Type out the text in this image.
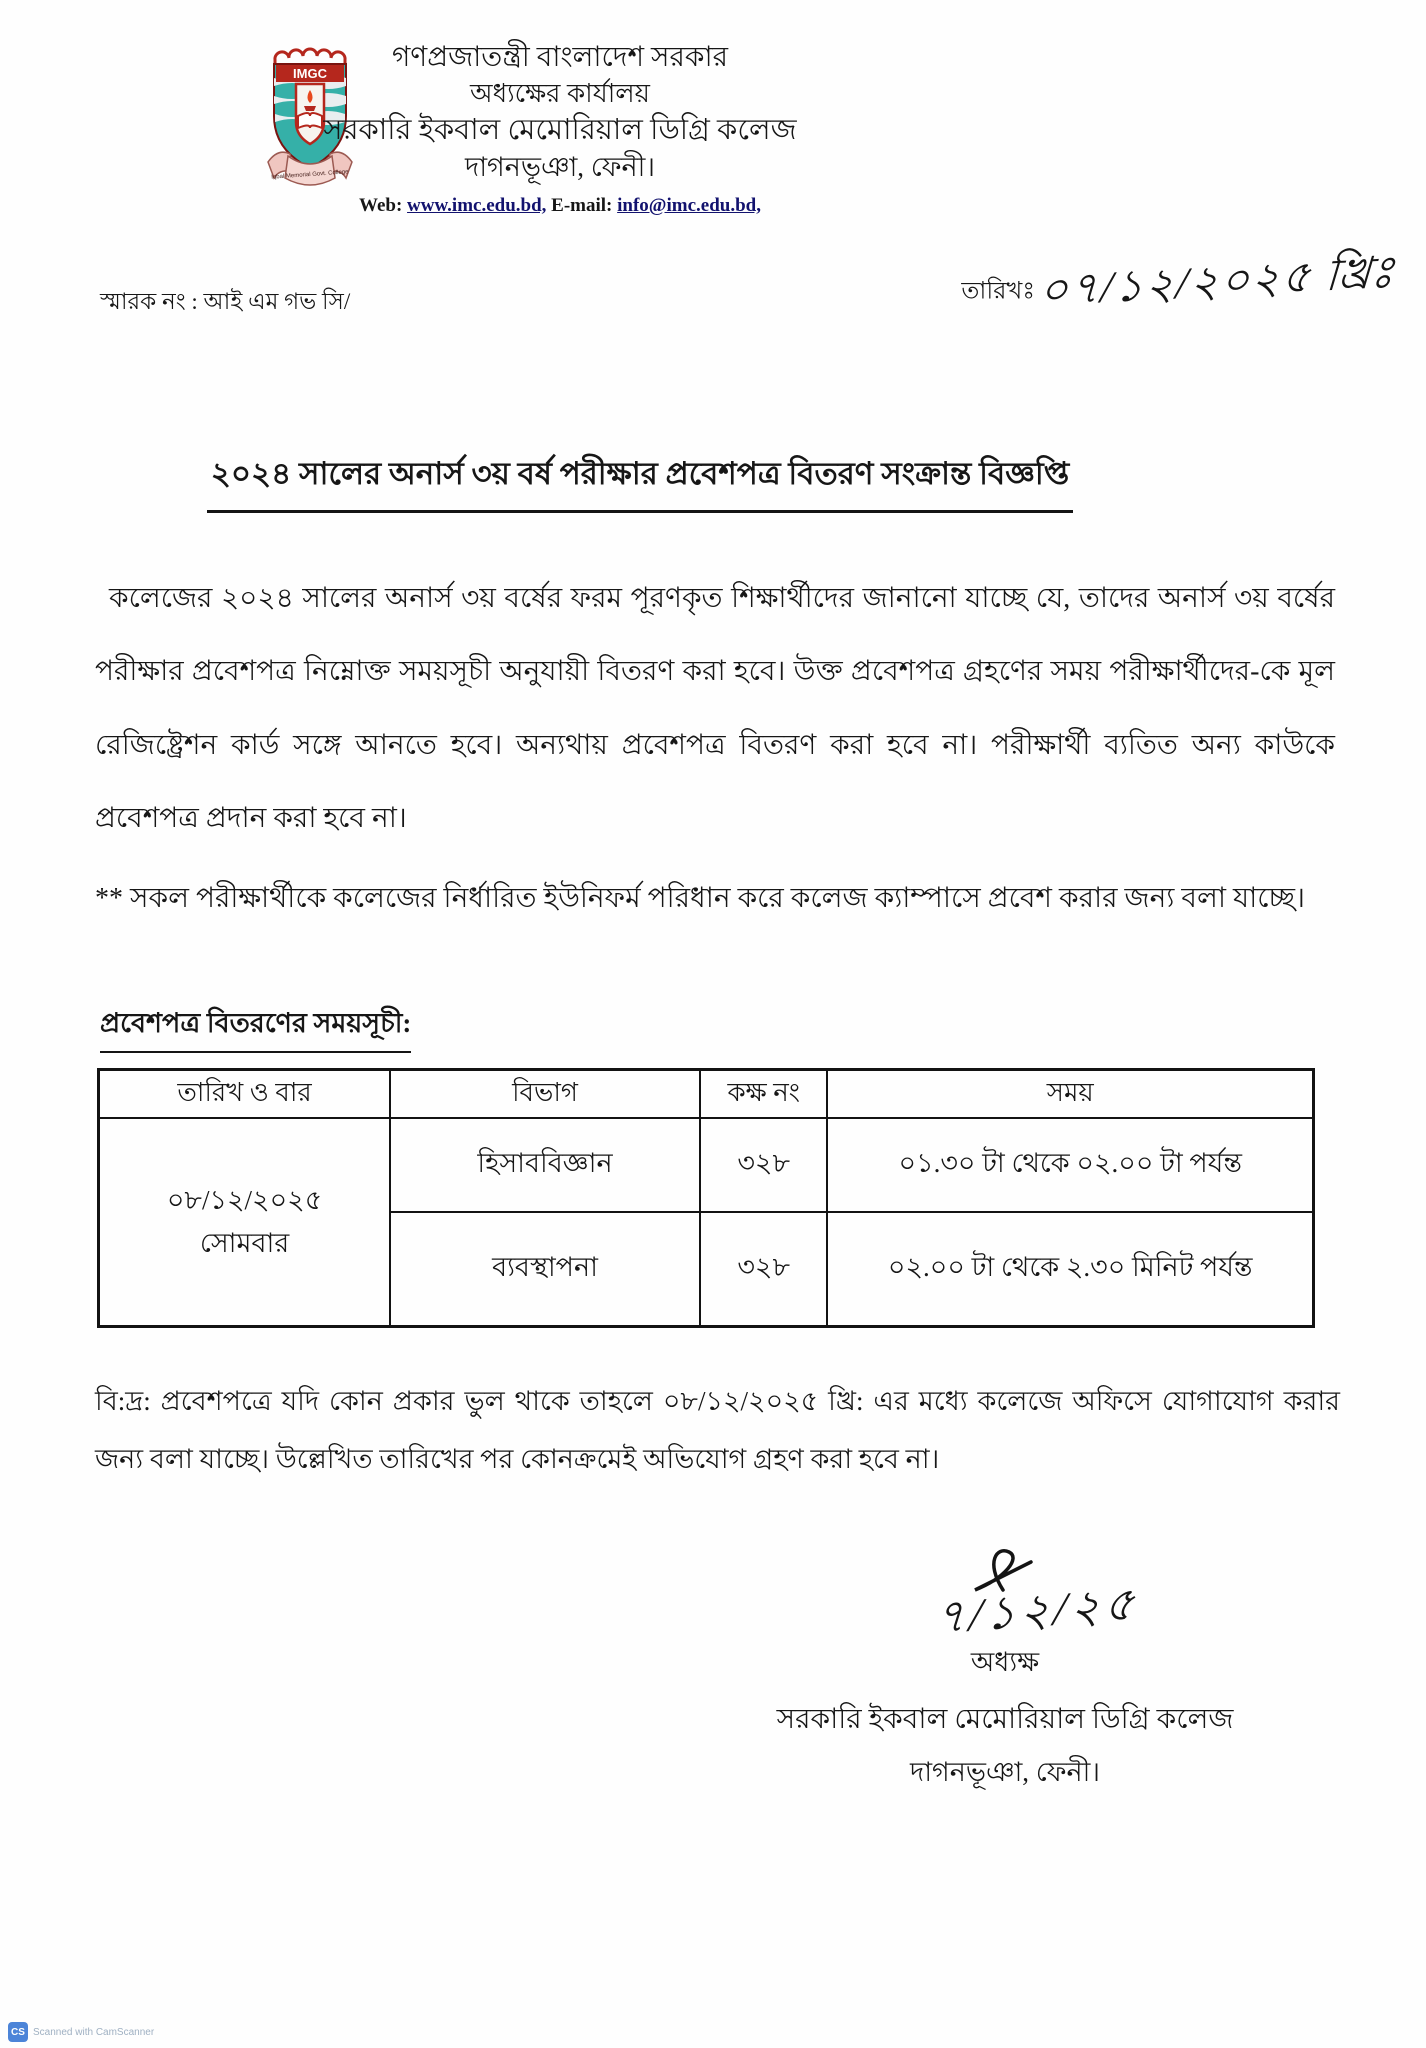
IMGC
Iqbal Memorial Govt. College
গণপ্রজাতন্ত্রী বাংলাদেশ সরকার
অধ্যক্ষের কার্যালয়
সরকারি ইকবাল মেমোরিয়াল ডিগ্রি কলেজ
দাগনভূঞা, ফেনী।
Web: www.imc.edu.bd, E-mail: info@imc.edu.bd,
স্মারক নং : আই এম গভ সি/	তারিখঃ ০৭/১২/২০২৫ খ্রিঃ
২০২৪ সালের অনার্স ৩য় বর্ষ পরীক্ষার প্রবেশপত্র বিতরণ সংক্রান্ত বিজ্ঞপ্তি
কলেজের ২০২৪ সালের অনার্স ৩য় বর্ষের ফরম পূরণকৃত শিক্ষার্থীদের জানানো যাচ্ছে যে, তাদের অনার্স ৩য় বর্ষের পরীক্ষার প্রবেশপত্র নিম্নোক্ত সময়সূচী অনুযায়ী বিতরণ করা হবে। উক্ত প্রবেশপত্র গ্রহণের সময় পরীক্ষার্থীদের-কে মূল রেজিষ্ট্রেশন কার্ড সঙ্গে আনতে হবে। অন্যথায় প্রবেশপত্র বিতরণ করা হবে না। পরীক্ষার্থী ব্যতিত অন্য কাউকে প্রবেশপত্র প্রদান করা হবে না।
** সকল পরীক্ষার্থীকে কলেজের নির্ধারিত ইউনিফর্ম পরিধান করে কলেজ ক্যাম্পাসে প্রবেশ করার জন্য বলা যাচ্ছে।
প্রবেশপত্র বিতরণের সময়সূচী:
তারিখ ও বার	বিভাগ	কক্ষ নং	সময়

০৮/১২/২০২৫
সোমবার	হিসাববিজ্ঞান	৩২৮	০১.৩০ টা থেকে ০২.০০ টা পর্যন্ত
	ব্যবস্থাপনা	৩২৮	০২.০০ টা থেকে ২.৩০ মিনিট পর্যন্ত
বি:দ্র: প্রবেশপত্রে যদি কোন প্রকার ভুল থাকে তাহলে ০৮/১২/২০২৫ খ্রি: এর মধ্যে কলেজে অফিসে যোগাযোগ করার জন্য বলা যাচ্ছে। উল্লেখিত তারিখের পর কোনক্রমেই অভিযোগ গ্রহণ করা হবে না।
৭/১২/২৫
অধ্যক্ষ
সরকারি ইকবাল মেমোরিয়াল ডিগ্রি কলেজ
দাগনভূঞা, ফেনী।
CS Scanned with CamScanner
